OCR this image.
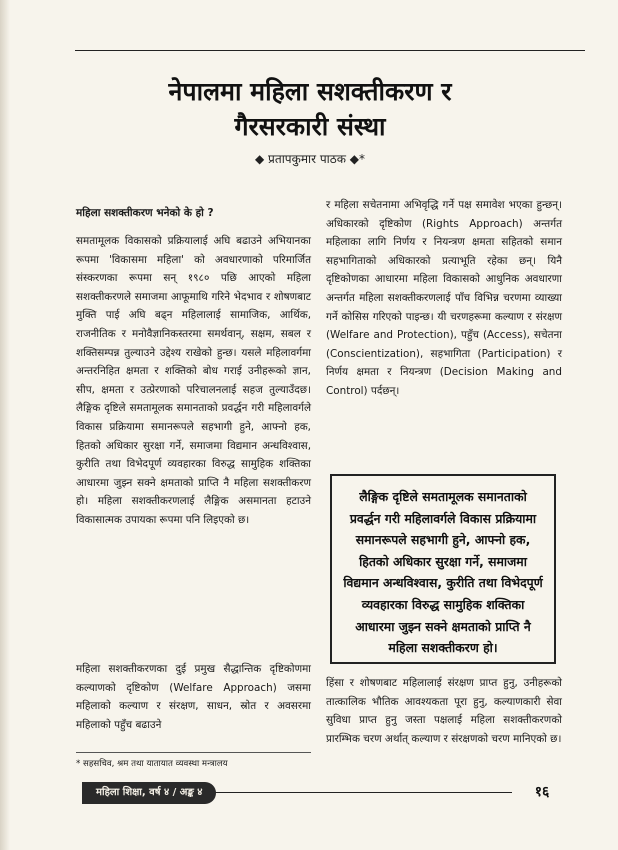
नेपालमा महिला सशक्तीकरण र
गैरसरकारी संस्था
◆ प्रतापकुमार पाठक ◆*
महिला सशक्तीकरण भनेको के हो ?

समतामूलक विकासको प्रक्रियालाई अघि बढाउने अभियानका रूपमा 'विकासमा महिला' को अवधारणाको परिमार्जित संस्करणका रूपमा सन् १९८० पछि आएको महिला सशक्तीकरणले समाजमा आफूमाथि गरिने भेदभाव र शोषणबाट मुक्ति पाई अघि बढ्न महिलालाई सामाजिक, आर्थिक, राजनीतिक र मनोवैज्ञानिकस्तरमा समर्थवान्, सक्षम, सबल र शक्तिसम्पन्न तुल्याउने उद्देश्य राखेको हुन्छ। यसले महिलावर्गमा अन्तरनिहित क्षमता र शक्तिको बोध गराई उनीहरूको ज्ञान, सीप, क्षमता र उत्प्रेरणाको परिचालनलाई सहज तुल्याउँदछ। लैङ्गिक दृष्टिले समतामूलक समानताको प्रवर्द्धन गरी महिलावर्गले विकास प्रक्रियामा समानरूपले सहभागी हुने, आफ्नो हक, हितको अधिकार सुरक्षा गर्ने, समाजमा विद्यमान अन्धविश्वास, कुरीति तथा विभेदपूर्ण व्यवहारका विरुद्ध सामुहिक शक्तिका आधारमा जुझ्न सक्ने क्षमताको प्राप्ति नै महिला सशक्तीकरण हो। महिला सशक्तीकरणलाई लैङ्गिक असमानता हटाउने विकासात्मक उपायका रूपमा पनि लिइएको छ।

महिला सशक्तीकरणका दुई प्रमुख सैद्धान्तिक दृष्टिकोणमा कल्याणको दृष्टिकोण (Welfare Approach) जसमा महिलाको कल्याण र संरक्षण, साधन, स्रोत र अवसरमा महिलाको पहुँच बढाउने

र महिला सचेतनामा अभिवृद्धि गर्ने पक्ष समावेश भएका हुन्छन्। अधिकारको दृष्टिकोण (Rights Approach) अन्तर्गत महिलाका लागि निर्णय र नियन्त्रण क्षमता सहितको समान सहभागिताको अधिकारको प्रत्याभूति रहेका छन्। यिनै दृष्टिकोणका आधारमा महिला विकासको आधुनिक अवधारणा अन्तर्गत महिला सशक्तीकरणलाई पाँच विभिन्न चरणमा व्याख्या गर्ने कोसिस गरिएको पाइन्छ। यी चरणहरूमा कल्याण र संरक्षण (Welfare and Protection), पहुँच (Access), सचेतना (Conscientization), सहभागिता (Participation) र निर्णय क्षमता र नियन्त्रण (Decision Making and Control) पर्दछन्।

लैङ्गिक दृष्टिले समतामूलक समानताको प्रवर्द्धन गरी महिलावर्गले विकास प्रक्रियामा समानरूपले सहभागी हुने, आफ्नो हक, हितको अधिकार सुरक्षा गर्ने, समाजमा विद्यमान अन्धविश्वास, कुरीति तथा विभेदपूर्ण व्यवहारका विरुद्ध सामुहिक शक्तिका आधारमा जुझ्न सक्ने क्षमताको प्राप्ति नै महिला सशक्तीकरण हो।

हिंसा र शोषणबाट महिलालाई संरक्षण प्राप्त हुनु, उनीहरूको तात्कालिक भौतिक आवश्यकता पूरा हुनु, कल्याणकारी सेवा सुविधा प्राप्त हुनु जस्ता पक्षलाई महिला सशक्तीकरणको प्रारम्भिक चरण अर्थात् कल्याण र संरक्षणको चरण मानिएको छ।

* सहसचिव, श्रम तथा यातायात व्यवस्था मन्त्रालय
महिला शिक्षा, वर्ष ४ / अङ्क ४	१६
